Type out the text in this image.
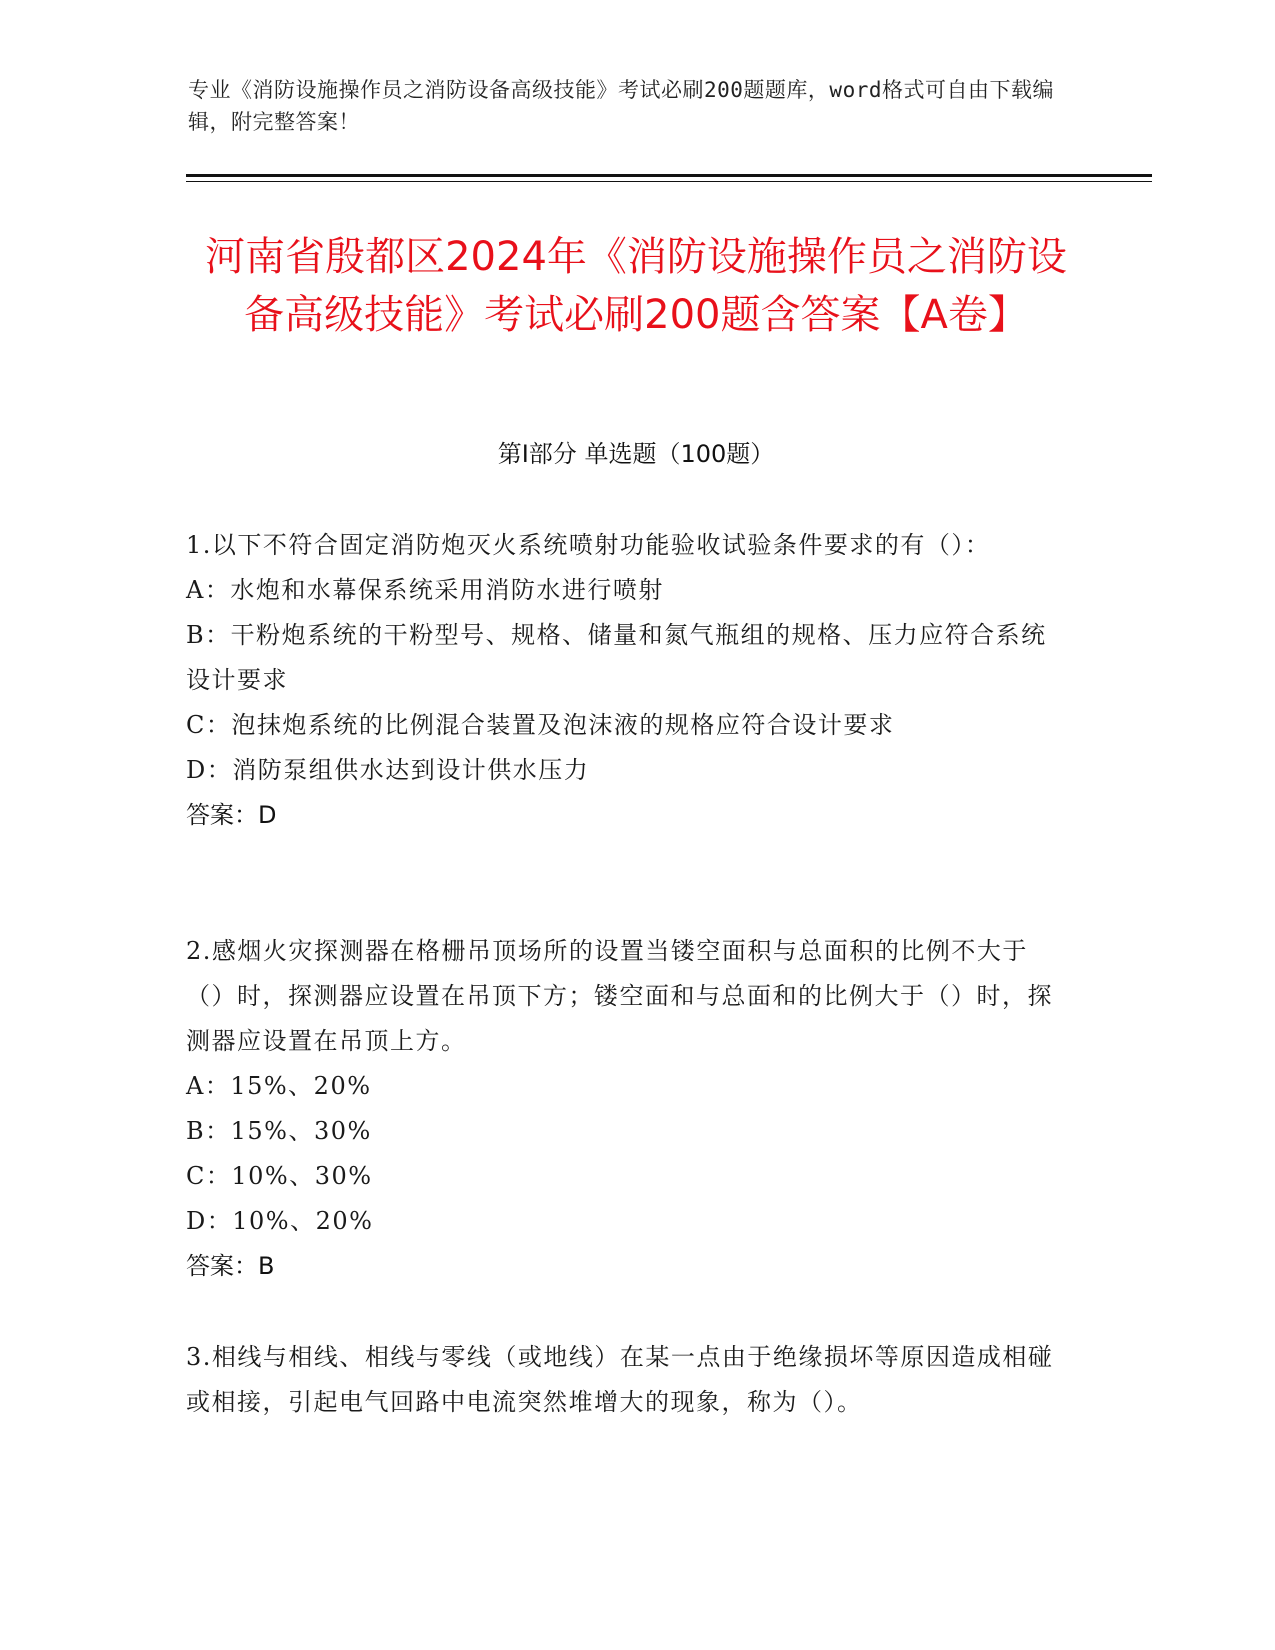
专业《消防设施操作员之消防设备高级技能》考试必刷200题题库，word格式可自由下载编辑，附完整答案！

河南省殷都区2024年《消防设施操作员之消防设备高级技能》考试必刷200题含答案【A卷】
第I部分 单选题（100题）

1.以下不符合固定消防炮灭火系统喷射功能验收试验条件要求的有（）：

A：水炮和水幕保系统采用消防水进行喷射

B：干粉炮系统的干粉型号、规格、储量和氮气瓶组的规格、压力应符合系统设计要求

C：泡抹炮系统的比例混合装置及泡沫液的规格应符合设计要求

D：消防泵组供水达到设计供水压力

答案：D

2.感烟火灾探测器在格栅吊顶场所的设置当镂空面积与总面积的比例不大于（）时，探测器应设置在吊顶下方；镂空面和与总面和的比例大于（）时，探测器应设置在吊顶上方。

A：15%、20%

B：15%、30%

C：10%、30%

D：10%、20%

答案：B

3.相线与相线、相线与零线（或地线）在某一点由于绝缘损坏等原因造成相碰或相接，引起电气回路中电流突然堆增大的现象，称为（）。
